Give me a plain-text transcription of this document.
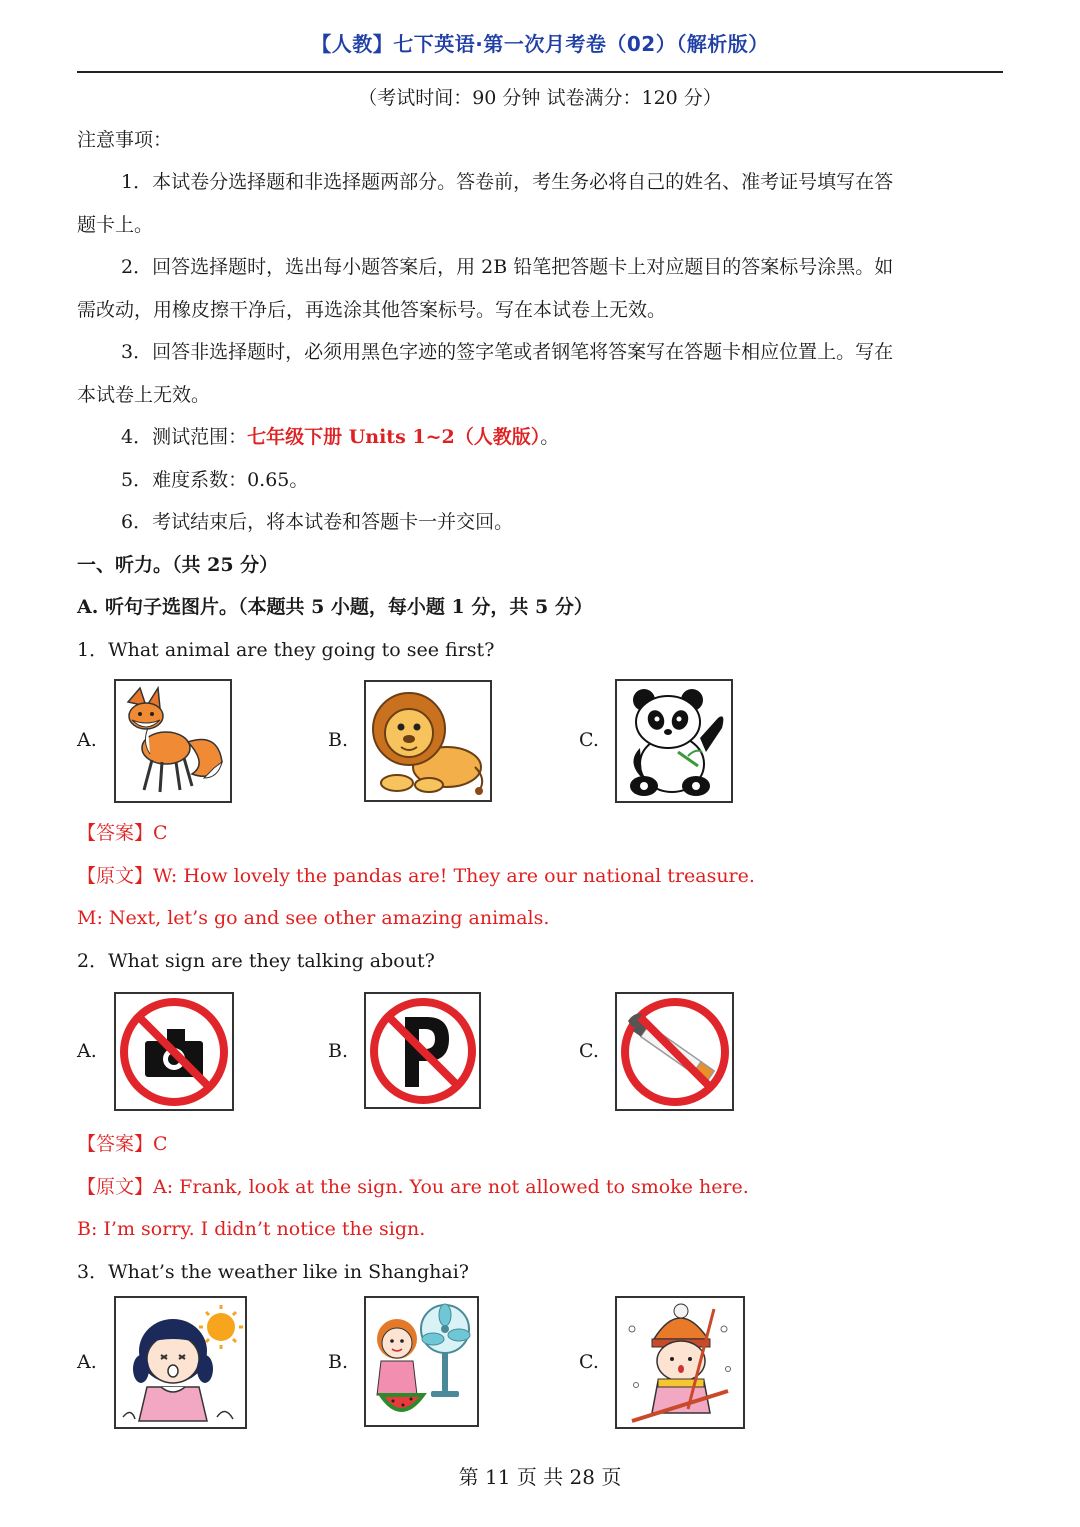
【人教】七下英语·第一次月考卷（02）（解析版）
（考试时间：90 分钟 试卷满分：120 分）
注意事项：
1．本试卷分选择题和非选择题两部分。答卷前，考生务必将自己的姓名、准考证号填写在答
题卡上。
2．回答选择题时，选出每小题答案后，用 2B 铅笔把答题卡上对应题目的答案标号涂黑。如
需改动，用橡皮擦干净后，再选涂其他答案标号。写在本试卷上无效。
3．回答非选择题时，必须用黑色字迹的签字笔或者钢笔将答案写在答题卡相应位置上。写在
本试卷上无效。
4．测试范围：七年级下册 Units 1~2（人教版）。
5．难度系数：0.65。
6．考试结束后，将本试卷和答题卡一并交回。
一、听力。（共 25 分）
A. 听句子选图片。（本题共 5 小题，每小题 1 分，共 5 分）
1．What animal are they going to see first?
A.	B.	C.
【答案】C
【原文】W: How lovely the pandas are! They are our national treasure.
M: Next, let’s go and see other amazing animals.
2．What sign are they talking about?
A.	B.	C.
【答案】C
【原文】A: Frank, look at the sign. You are not allowed to smoke here.
B: I’m sorry. I didn’t notice the sign.
3．What’s the weather like in Shanghai?
A.	B.	C.
第 11 页 共 28 页
